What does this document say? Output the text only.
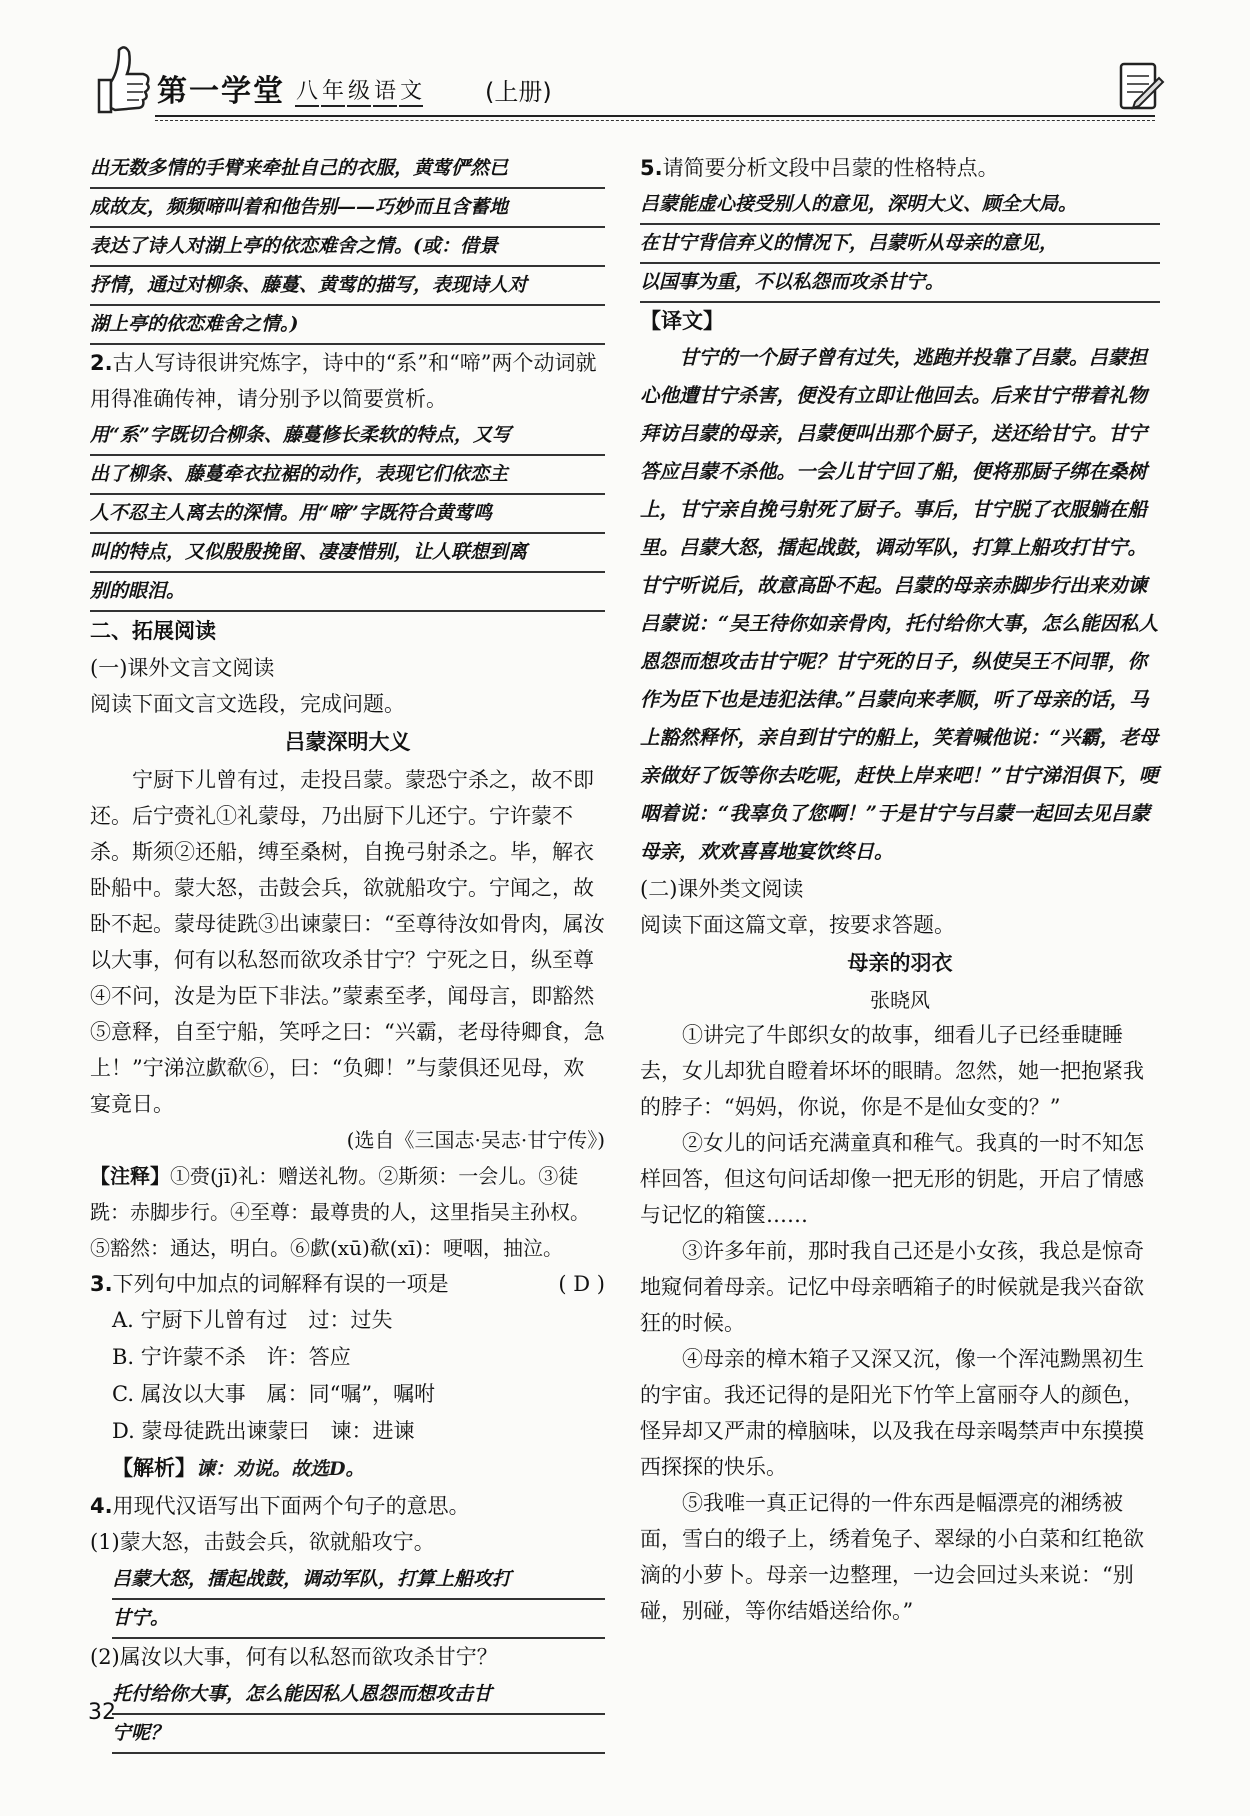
第一学堂 八 年 级 语 文	(上册)
出无数多情的手臂来牵扯自己的衣服，黄莺俨然已
成故友，频频啼叫着和他告别——巧妙而且含蓄地
表达了诗人对湖上亭的依恋难舍之情。(或：借景
抒情，通过对柳条、藤蔓、黄莺的描写，表现诗人对
湖上亭的依恋难舍之情。)

2.古人写诗很讲究炼字，诗中的“系”和“啼”两个动词就用得准确传神，请分别予以简要赏析。

用“系”字既切合柳条、藤蔓修长柔软的特点，又写
出了柳条、藤蔓牵衣拉裾的动作，表现它们依恋主
人不忍主人离去的深情。用“啼”字既符合黄莺鸣
叫的特点，又似殷殷挽留、凄凄惜别，让人联想到离
别的眼泪。
二、拓展阅读
(一)课外文言文阅读
阅读下面文言文选段，完成问题。
吕蒙深明大义

宁厨下儿曾有过，走投吕蒙。蒙恐宁杀之，故不即还。后宁赍礼①礼蒙母，乃出厨下儿还宁。宁许蒙不杀。斯须②还船，缚至桑树，自挽弓射杀之。毕，解衣卧船中。蒙大怒，击鼓会兵，欲就船攻宁。宁闻之，故卧不起。蒙母徒跣③出谏蒙曰：“至尊待汝如骨肉，属汝以大事，何有以私怒而欲攻杀甘宁？宁死之日，纵至尊④不问，汝是为臣下非法。”蒙素至孝，闻母言，即豁然⑤意释，自至宁船，笑呼之曰：“兴霸，老母待卿食，急上！”宁涕泣歔欷⑥，曰：“负卿！”与蒙俱还见母，欢宴竟日。

(选自《三国志·吴志·甘宁传》)

【注释】①赍(jī)礼：赠送礼物。②斯须：一会儿。③徒跣：赤脚步行。④至尊：最尊贵的人，这里指吴主孙权。⑤豁然：通达，明白。⑥歔(xū)欷(xī)：哽咽，抽泣。

3.下列句中加点的词解释有误的一项是	( D )
A. 宁厨下儿曾有过　过：过失
B. 宁许蒙不杀　许：答应
C. 属汝以大事　属：同“嘱”，嘱咐
D. 蒙母徒跣出谏蒙曰　谏：进谏
【解析】谏：劝说。故选D。
4.用现代汉语写出下面两个句子的意思。
(1)蒙大怒，击鼓会兵，欲就船攻宁。
吕蒙大怒，擂起战鼓，调动军队，打算上船攻打
甘宁。
(2)属汝以大事，何有以私怒而欲攻杀甘宁？
托付给你大事，怎么能因私人恩怨而想攻击甘
宁呢？
5.请简要分析文段中吕蒙的性格特点。
吕蒙能虚心接受别人的意见，深明大义、顾全大局。
在甘宁背信弃义的情况下，吕蒙听从母亲的意见，
以国事为重，不以私怨而攻杀甘宁。
【译文】

甘宁的一个厨子曾有过失，逃跑并投靠了吕蒙。吕蒙担心他遭甘宁杀害，便没有立即让他回去。后来甘宁带着礼物拜访吕蒙的母亲，吕蒙便叫出那个厨子，送还给甘宁。甘宁答应吕蒙不杀他。一会儿甘宁回了船，便将那厨子绑在桑树上，甘宁亲自挽弓射死了厨子。事后，甘宁脱了衣服躺在船里。吕蒙大怒，擂起战鼓，调动军队，打算上船攻打甘宁。甘宁听说后，故意高卧不起。吕蒙的母亲赤脚步行出来劝谏吕蒙说：“吴王待你如亲骨肉，托付给你大事，怎么能因私人恩怨而想攻击甘宁呢？甘宁死的日子，纵使吴王不问罪，你作为臣下也是违犯法律。”吕蒙向来孝顺，听了母亲的话，马上豁然释怀，亲自到甘宁的船上，笑着喊他说：“兴霸，老母亲做好了饭等你去吃呢，赶快上岸来吧！”甘宁涕泪俱下，哽咽着说：“我辜负了您啊！”于是甘宁与吕蒙一起回去见吕蒙母亲，欢欢喜喜地宴饮终日。

(二)课外类文阅读
阅读下面这篇文章，按要求答题。
母亲的羽衣
张晓风

①讲完了牛郎织女的故事，细看儿子已经垂睫睡去，女儿却犹自瞪着坏坏的眼睛。忽然，她一把抱紧我的脖子：“妈妈，你说，你是不是仙女变的？”

②女儿的问话充满童真和稚气。我真的一时不知怎样回答，但这句问话却像一把无形的钥匙，开启了情感与记忆的箱箧……

③许多年前，那时我自己还是小女孩，我总是惊奇地窥伺着母亲。记忆中母亲晒箱子的时候就是我兴奋欲狂的时候。

④母亲的樟木箱子又深又沉，像一个浑沌黝黑初生的宇宙。我还记得的是阳光下竹竿上富丽夺人的颜色，怪异却又严肃的樟脑味，以及我在母亲喝禁声中东摸摸西探探的快乐。

⑤我唯一真正记得的一件东西是幅漂亮的湘绣被面，雪白的缎子上，绣着兔子、翠绿的小白菜和红艳欲滴的小萝卜。母亲一边整理，一边会回过头来说：“别碰，别碰，等你结婚送给你。”

32
